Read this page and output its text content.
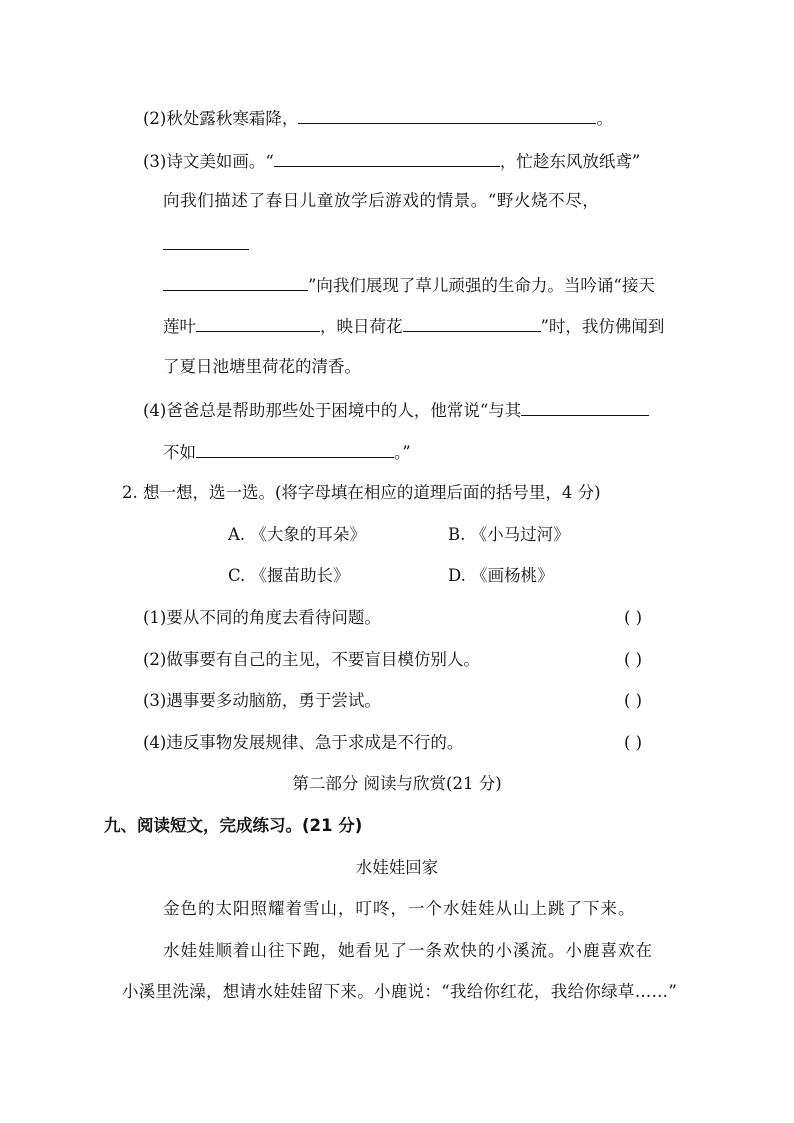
(2)秋处露秋寒霜降，	。
(3)诗文美如画。“	，忙趁东风放纸鸢”
向我们描述了春日儿童放学后游戏的情景。“野火烧不尽，
”向我们展现了草儿顽强的生命力。当吟诵“接天
莲叶	，映日荷花	”时，我仿佛闻到
了夏日池塘里荷花的清香。
(4)爸爸总是帮助那些处于困境中的人，他常说“与其
不如	。”
2. 想一想，选一选。(将字母填在相应的道理后面的括号里，4 分)
A. 《大象的耳朵》	B. 《小马过河》
C. 《揠苗助长》	D. 《画杨桃》
(1)要从不同的角度去看待问题。	( )
(2)做事要有自己的主见，不要盲目模仿别人。	( )
(3)遇事要多动脑筋，勇于尝试。	( )
(4)违反事物发展规律、急于求成是不行的。	( )
第二部分 阅读与欣赏(21 分)
九、阅读短文，完成练习。(21 分)
水娃娃回家
金色的太阳照耀着雪山，叮咚，一个水娃娃从山上跳了下来。
水娃娃顺着山往下跑，她看见了一条欢快的小溪流。小鹿喜欢在
小溪里洗澡，想请水娃娃留下来。小鹿说：“我给你红花，我给你绿草……”
